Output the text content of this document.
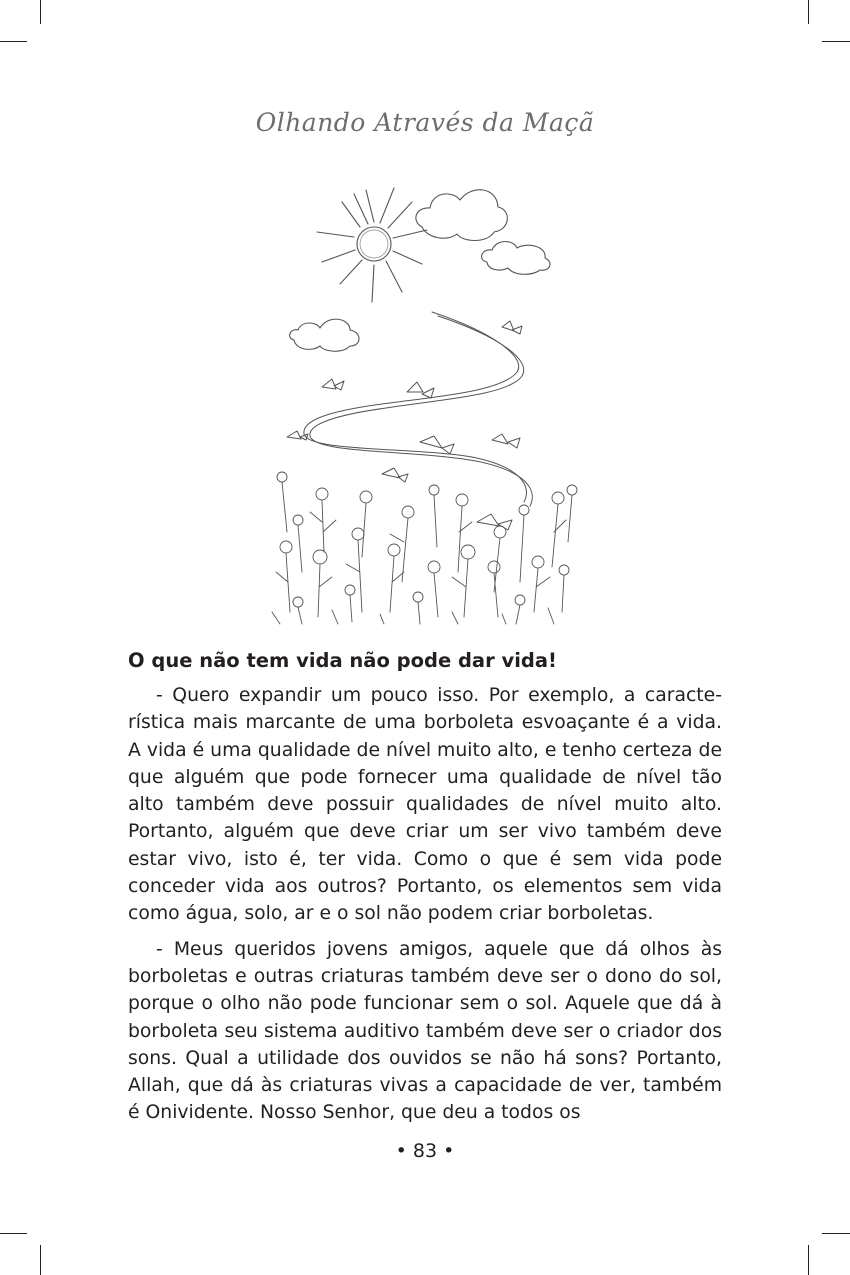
Olhando Através da Maçã
O que não tem vida não pode dar vida!

- Quero expandir um pouco isso. Por exemplo, a característica mais marcante de uma borboleta esvoaçante é a vida. A vida é uma qualidade de nível muito alto, e tenho certeza de que alguém que pode fornecer uma qualidade de nível tão alto também deve possuir qualidades de nível muito alto. Portanto, alguém que deve criar um ser vivo também deve estar vivo, isto é, ter vida. Como o que é sem vida pode conceder vida aos outros? Portanto, os elementos sem vida como água, solo, ar e o sol não podem criar borboletas.

- Meus queridos jovens amigos, aquele que dá olhos às borboletas e outras criaturas também deve ser o dono do sol, porque o olho não pode funcionar sem o sol. Aquele que dá à borboleta seu sistema auditivo também deve ser o criador dos sons. Qual a utilidade dos ouvidos se não há sons? Portanto, Allah, que dá às criaturas vivas a capacidade de ver, também é Onividente. Nosso Senhor, que deu a todos os

• 83 •
